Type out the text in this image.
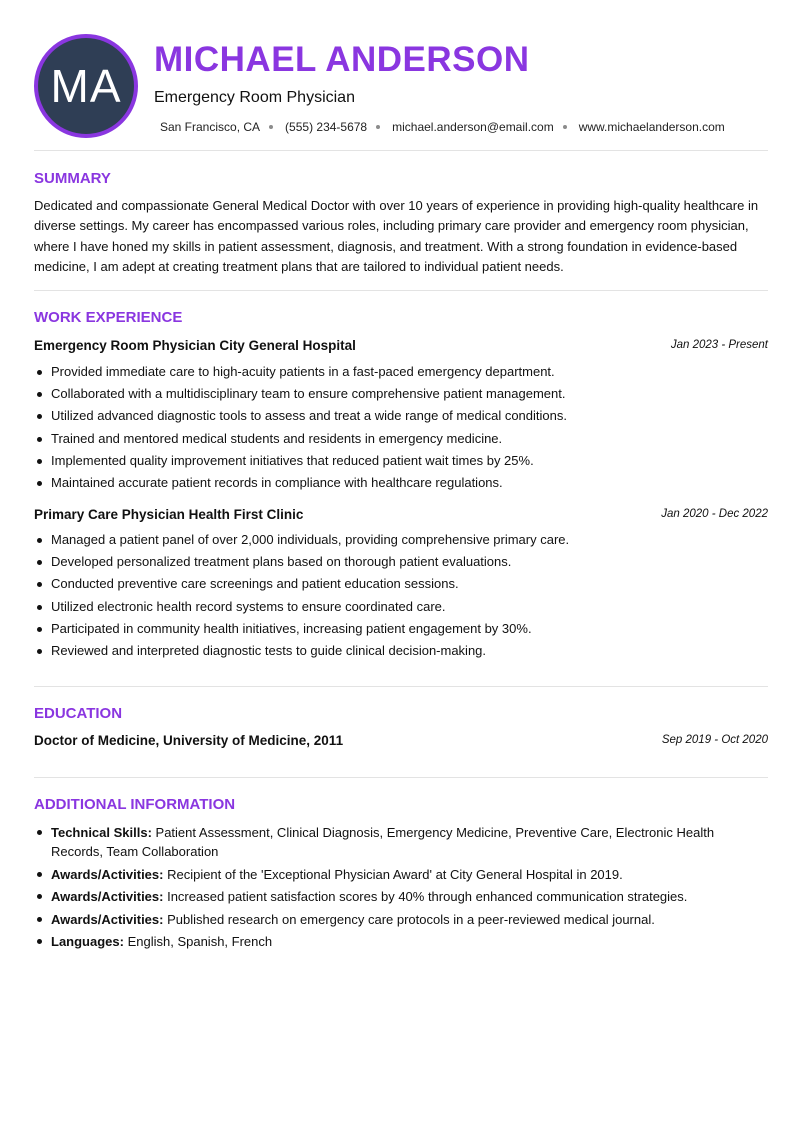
MA
MICHAEL ANDERSON
Emergency Room Physician
San Francisco, CA (555) 234-5678 michael.anderson@email.com www.michaelanderson.com
SUMMARY

Dedicated and compassionate General Medical Doctor with over 10 years of experience in providing high-quality healthcare in diverse settings. My career has encompassed various roles, including primary care provider and emergency room physician, where I have honed my skills in patient assessment, diagnosis, and treatment. With a strong foundation in evidence-based medicine, I am adept at creating treatment plans that are tailored to individual patient needs.

WORK EXPERIENCE
Emergency Room Physician City General Hospital	Jan 2023 - Present
Provided immediate care to high-acuity patients in a fast-paced emergency department.
Collaborated with a multidisciplinary team to ensure comprehensive patient management.
Utilized advanced diagnostic tools to assess and treat a wide range of medical conditions.
Trained and mentored medical students and residents in emergency medicine.
Implemented quality improvement initiatives that reduced patient wait times by 25%.
Maintained accurate patient records in compliance with healthcare regulations.
Primary Care Physician Health First Clinic	Jan 2020 - Dec 2022
Managed a patient panel of over 2,000 individuals, providing comprehensive primary care.
Developed personalized treatment plans based on thorough patient evaluations.
Conducted preventive care screenings and patient education sessions.
Utilized electronic health record systems to ensure coordinated care.
Participated in community health initiatives, increasing patient engagement by 30%.
Reviewed and interpreted diagnostic tests to guide clinical decision-making.
EDUCATION
Doctor of Medicine, University of Medicine, 2011	Sep 2019 - Oct 2020
ADDITIONAL INFORMATION
Technical Skills: Patient Assessment, Clinical Diagnosis, Emergency Medicine, Preventive Care, Electronic Health Records, Team Collaboration
Awards/Activities: Recipient of the 'Exceptional Physician Award' at City General Hospital in 2019.
Awards/Activities: Increased patient satisfaction scores by 40% through enhanced communication strategies.
Awards/Activities: Published research on emergency care protocols in a peer-reviewed medical journal.
Languages: English, Spanish, French
